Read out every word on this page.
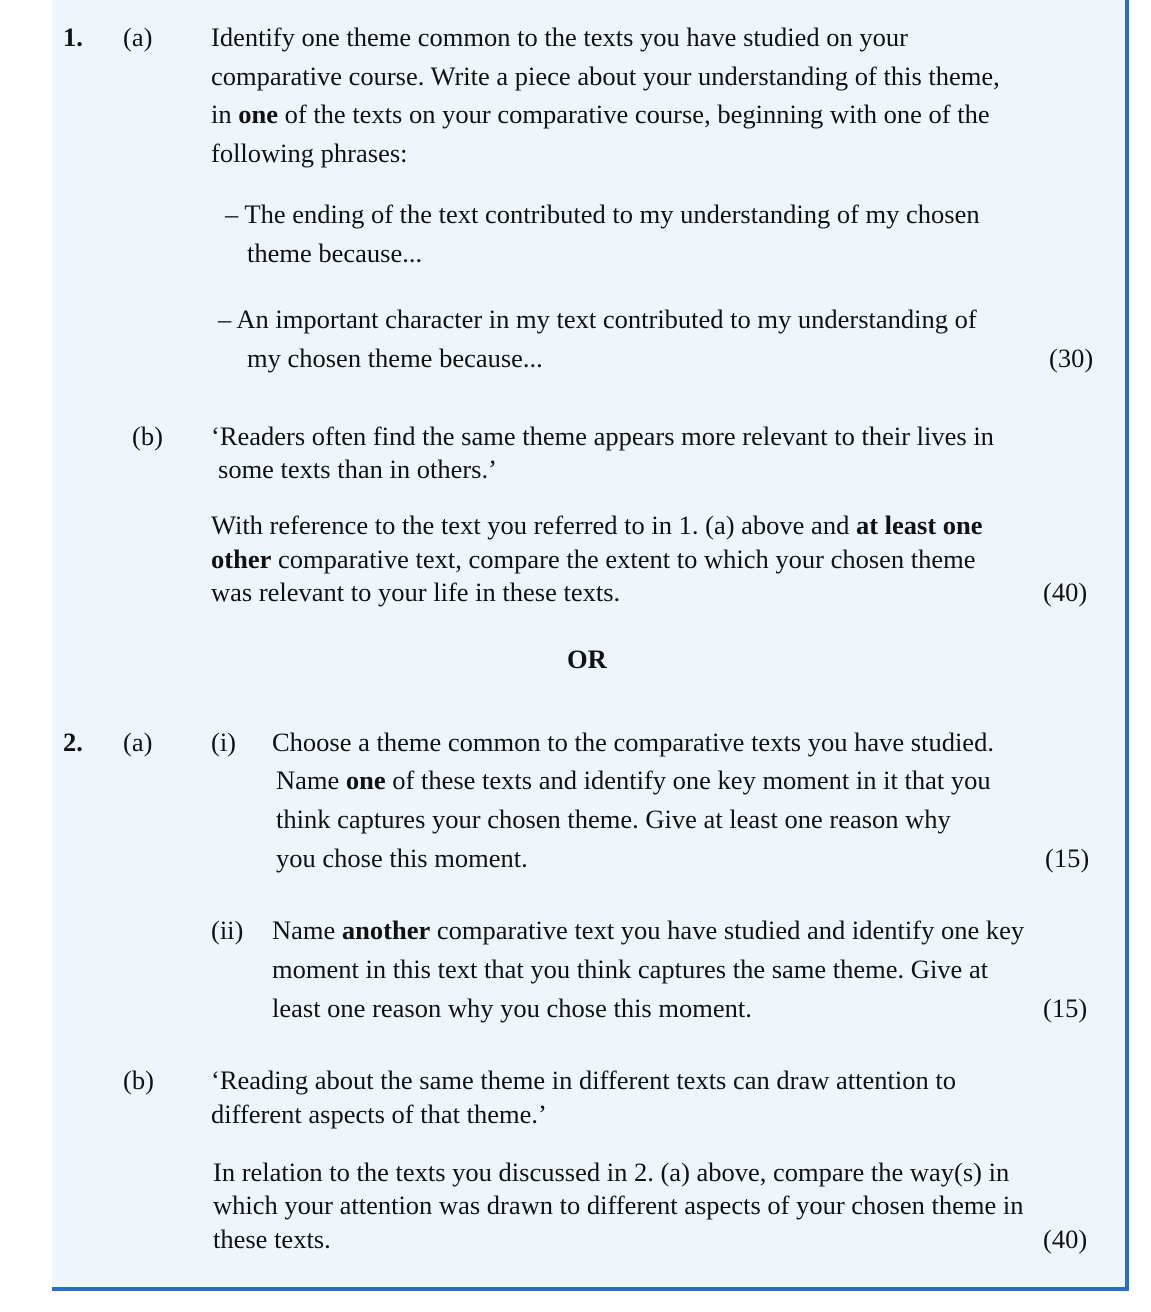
1. (a) Identify one theme common to the texts you have studied on your
comparative course. Write a piece about your understanding of this theme,
in one of the texts on your comparative course, beginning with one of the
following phrases:
– The ending of the text contributed to my understanding of my chosen
theme because...
– An important character in my text contributed to my understanding of
my chosen theme because...	(30)
(b) ‘Readers often find the same theme appears more relevant to their lives in
some texts than in others.’
With reference to the text you referred to in 1. (a) above and at least one
other comparative text, compare the extent to which your chosen theme
was relevant to your life in these texts.	(40)
OR
2. (a) (i) Choose a theme common to the comparative texts you have studied.
Name one of these texts and identify one key moment in it that you
think captures your chosen theme. Give at least one reason why
you chose this moment.	(15)
(ii) Name another comparative text you have studied and identify one key
moment in this text that you think captures the same theme. Give at
least one reason why you chose this moment.	(15)
(b) ‘Reading about the same theme in different texts can draw attention to
different aspects of that theme.’
In relation to the texts you discussed in 2. (a) above, compare the way(s) in
which your attention was drawn to different aspects of your chosen theme in
these texts.	(40)
